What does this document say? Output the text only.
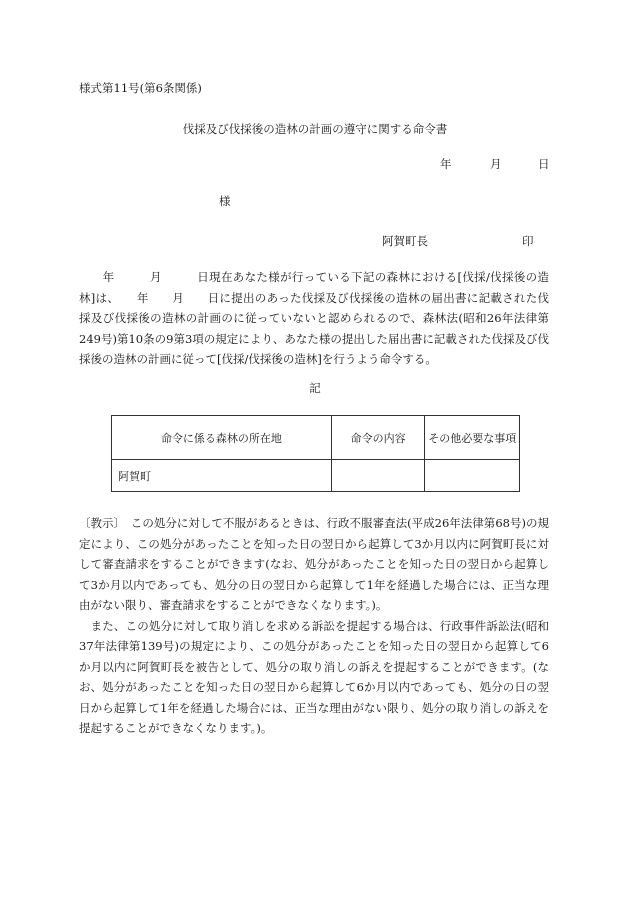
様式第11号(第6条関係)
伐採及び伐採後の造林の計画の遵守に関する命令書
年	月	日
様
阿賀町長	印
　　年　　　月　　　日現在あなた様が行っている下記の森林における[伐採/伐採後の造林]は、　　年　　月　　日に提出のあった伐採及び伐採後の造林の届出書に記載された伐採及び伐採後の造林の計画のに従っていないと認められるので、森林法(昭和26年法律第249号)第10条の9第3項の規定により、あなた様の提出した届出書に記載された伐採及び伐採後の造林の計画に従って[伐採/伐採後の造林]を行うよう命令する。
記
命令に係る森林の所在地	命令の内容	その他必要な事項
阿賀町		

〔教示〕　この処分に対して不服があるときは、行政不服審査法(平成26年法律第68号)の規定により、この処分があったことを知った日の翌日から起算して3か月以内に阿賀町長に対して審査請求をすることができます(なお、処分があったことを知った日の翌日から起算して3か月以内であっても、処分の日の翌日から起算して1年を経過した場合には、正当な理由がない限り、審査請求をすることができなくなります。)。

　また、この処分に対して取り消しを求める訴訟を提起する場合は、行政事件訴訟法(昭和37年法律第139号)の規定により、この処分があったことを知った日の翌日から起算して6か月以内に阿賀町長を被告として、処分の取り消しの訴えを提起することができます。(なお、処分があったことを知った日の翌日から起算して6か月以内であっても、処分の日の翌日から起算して1年を経過した場合には、正当な理由がない限り、処分の取り消しの訴えを提起することができなくなります。)。
